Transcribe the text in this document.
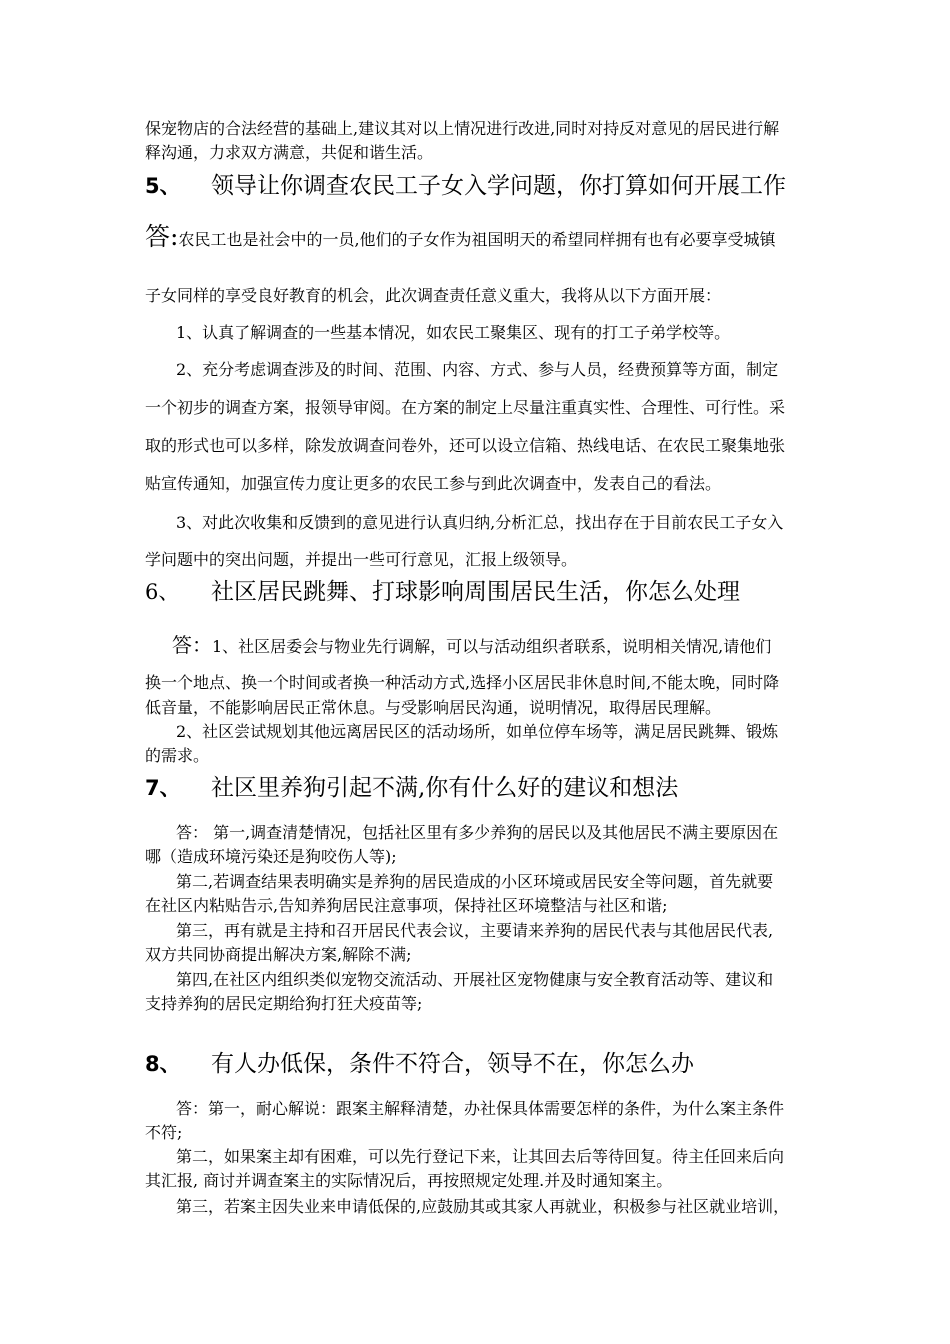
保宠物店的合法经营的基础上,建议其对以上情况进行改进,同时对持反对意见的居民进行解
释沟通，力求双方满意，共促和谐生活。
5、 领导让你调查农民工子女入学问题，你打算如何开展工作
答:农民工也是社会中的一员,他们的子女作为祖国明天的希望同样拥有也有必要享受城镇
子女同样的享受良好教育的机会，此次调查责任意义重大，我将从以下方面开展：
1、认真了解调查的一些基本情况，如农民工聚集区、现有的打工子弟学校等。
2、充分考虑调查涉及的时间、范围、内容、方式、参与人员，经费预算等方面，制定
一个初步的调查方案，报领导审阅。在方案的制定上尽量注重真实性、合理性、可行性。采
取的形式也可以多样，除发放调查问卷外，还可以设立信箱、热线电话、在农民工聚集地张
贴宣传通知，加强宣传力度让更多的农民工参与到此次调查中，发表自己的看法。
3、对此次收集和反馈到的意见进行认真归纳,分析汇总，找出存在于目前农民工子女入
学问题中的突出问题，并提出一些可行意见，汇报上级领导。
6、 社区居民跳舞、打球影响周围居民生活，你怎么处理
答：1、社区居委会与物业先行调解，可以与活动组织者联系，说明相关情况,请他们
换一个地点、换一个时间或者换一种活动方式,选择小区居民非休息时间,不能太晚，同时降
低音量，不能影响居民正常休息。与受影响居民沟通，说明情况，取得居民理解。
2、社区尝试规划其他远离居民区的活动场所，如单位停车场等，满足居民跳舞、锻炼
的需求。
7、 社区里养狗引起不满,你有什么好的建议和想法
答： 第一,调查清楚情况，包括社区里有多少养狗的居民以及其他居民不满主要原因在
哪（造成环境污染还是狗咬伤人等);
第二,若调查结果表明确实是养狗的居民造成的小区环境或居民安全等问题，首先就要
在社区内粘贴告示,告知养狗居民注意事项，保持社区环境整洁与社区和谐;
第三，再有就是主持和召开居民代表会议，主要请来养狗的居民代表与其他居民代表,
双方共同协商提出解决方案,解除不满;
第四,在社区内组织类似宠物交流活动、开展社区宠物健康与安全教育活动等、建议和
支持养狗的居民定期给狗打狂犬疫苗等;
8、 有人办低保，条件不符合，领导不在，你怎么办
答：第一，耐心解说：跟案主解释清楚，办社保具体需要怎样的条件，为什么案主条件
不符;
第二，如果案主却有困难，可以先行登记下来，让其回去后等待回复。待主任回来后向
其汇报, 商讨并调查案主的实际情况后，再按照规定处理.并及时通知案主。
第三，若案主因失业来申请低保的,应鼓励其或其家人再就业，积极参与社区就业培训，
